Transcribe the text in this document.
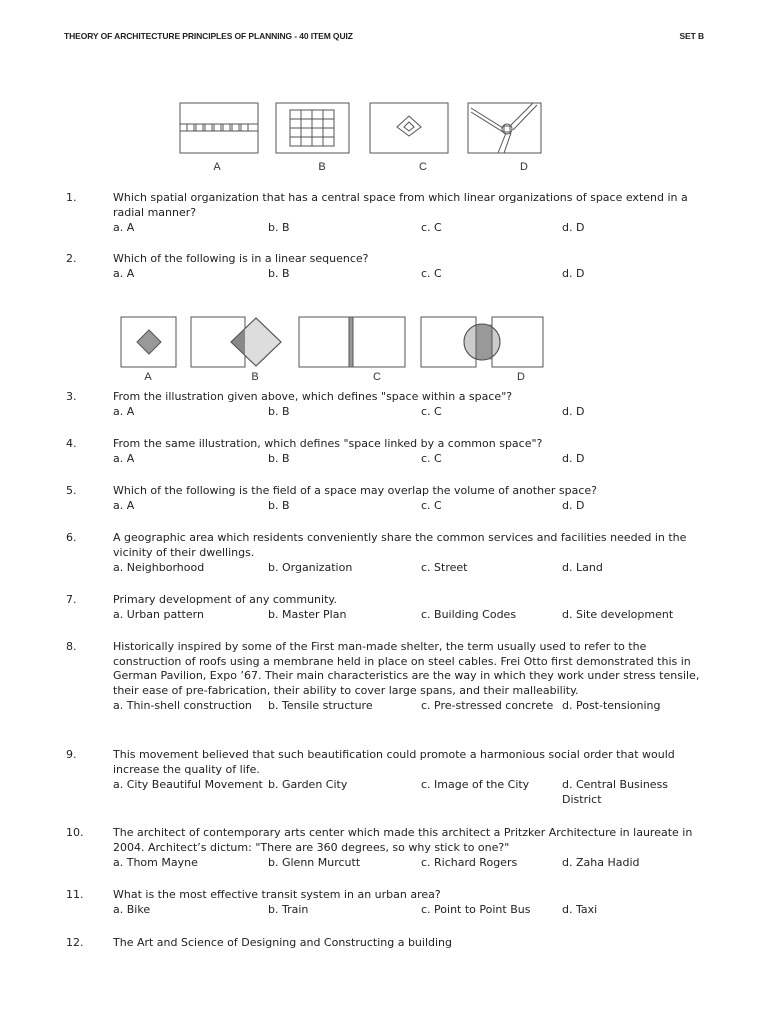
THEORY OF ARCHITECTURE PRINCIPLES OF PLANNING - 40 ITEM QUIZ	SET B
A	B	C	D
A	B	C	D
1.	Which spatial organization that has a central space from which linear organizations of space extend in a radial manner?
a. A	b. B	c. C	d. D
2.	Which of the following is in a linear sequence?
a. A	b. B	c. C	d. D
3.	From the illustration given above, which defines "space within a space"?
a. A	b. B	c. C	d. D
4.	From the same illustration, which defines "space linked by a common space"?
a. A	b. B	c. C	d. D
5.	Which of the following is the field of a space may overlap the volume of another space?
a. A	b. B	c. C	d. D
6.	A geographic area which residents conveniently share the common services and facilities needed in the vicinity of their dwellings.
a. Neighborhood	b. Organization	c. Street	d. Land
7.	Primary development of any community.
a. Urban pattern	b. Master Plan	c. Building Codes	d. Site development
8.	Historically inspired by some of the First man-made shelter, the term usually used to refer to the construction of roofs using a membrane held in place on steel cables. Frei Otto first demonstrated this in German Pavilion, Expo ’67. Their main characteristics are the way in which they work under stress tensile, their ease of pre-fabrication, their ability to cover large spans, and their malleability.
a. Thin-shell construction	b. Tensile structure	c. Pre-stressed concrete d. Post-tensioning
9.	This movement believed that such beautification could promote a harmonious social order that would increase the quality of life.
a. City Beautiful Movement b. Garden City	c. Image of the City	d. Central Business District
10.	The architect of contemporary arts center which made this architect a Pritzker Architecture in laureate in 2004. Architect’s dictum: "There are 360 degrees, so why stick to one?"
a. Thom Mayne	b. Glenn Murcutt	c. Richard Rogers	d. Zaha Hadid
11.	What is the most effective transit system in an urban area?
a. Bike	b. Train	c. Point to Point Bus	d. Taxi
12.	The Art and Science of Designing and Constructing a building
